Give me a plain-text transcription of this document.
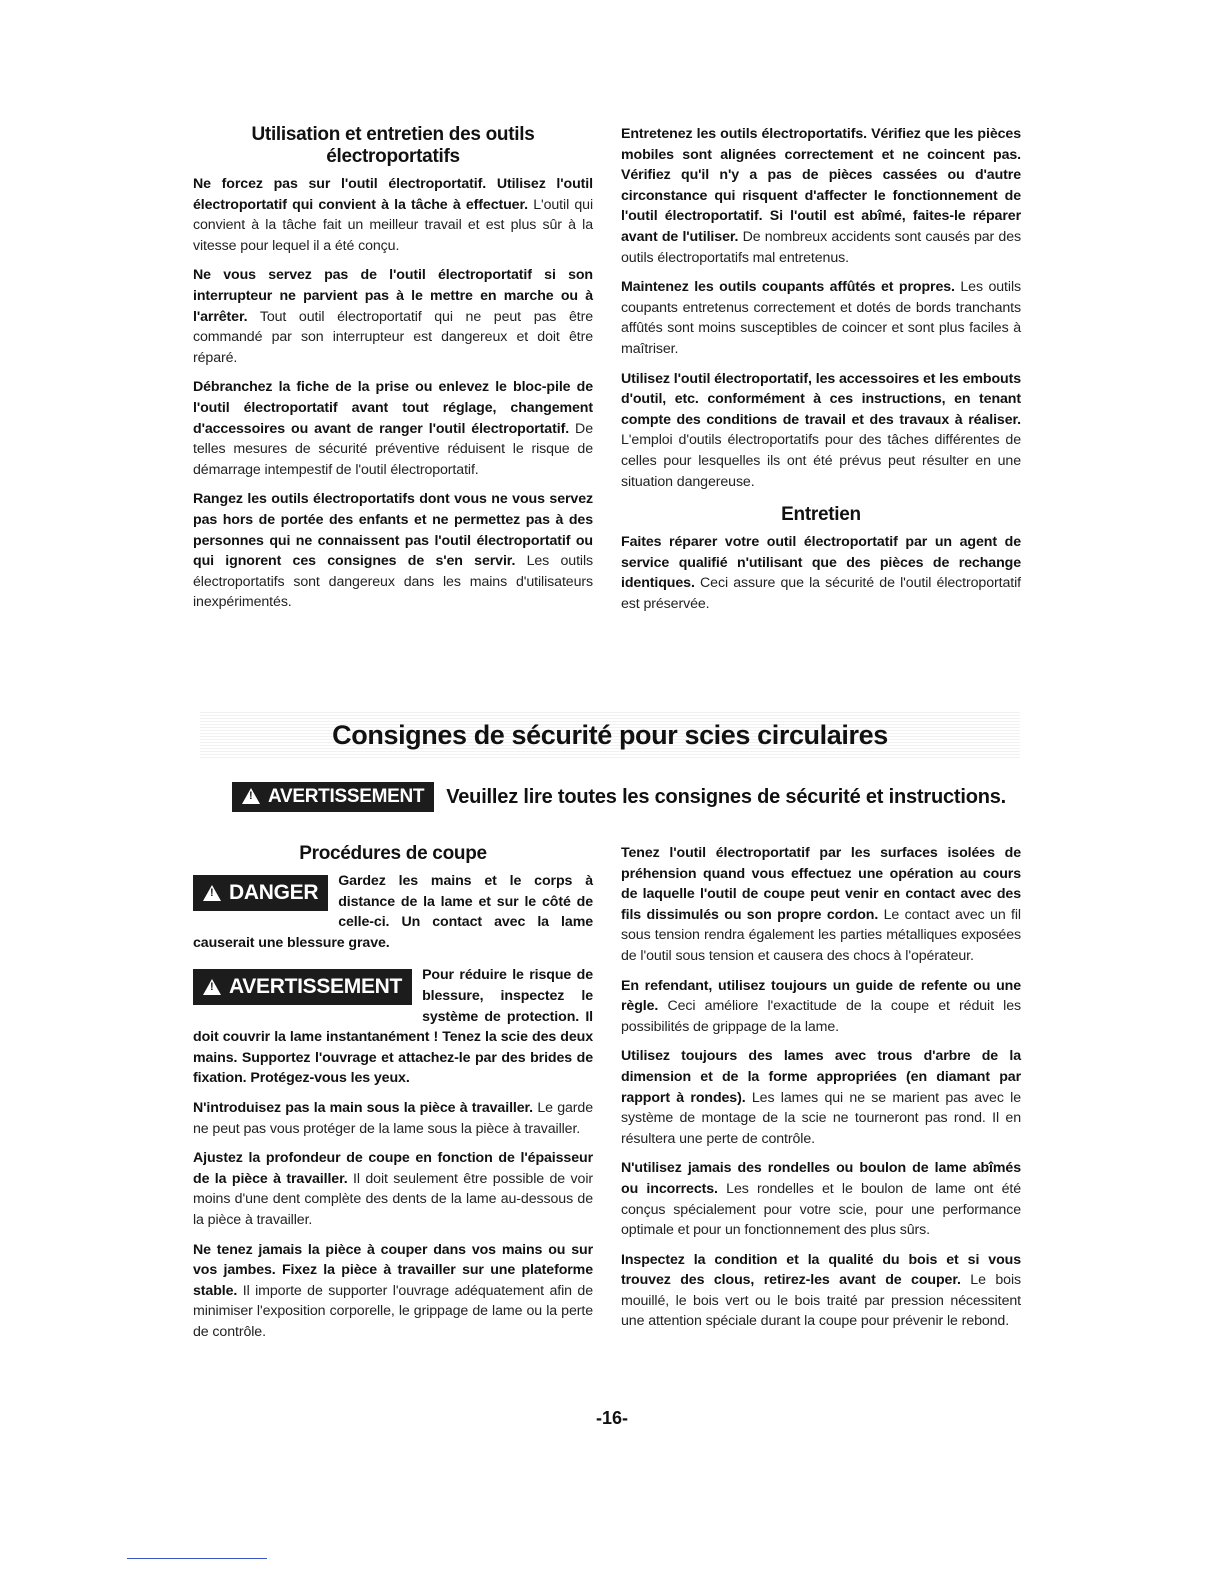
Utilisation et entretien des outils électroportatifs

Ne forcez pas sur l'outil électroportatif. Utilisez l'outil électroportatif qui convient à la tâche à effectuer. L'outil qui convient à la tâche fait un meilleur travail et est plus sûr à la vitesse pour lequel il a été conçu.

Ne vous servez pas de l'outil électroportatif si son interrupteur ne parvient pas à le mettre en marche ou à l'arrêter. Tout outil électroportatif qui ne peut pas être commandé par son interrupteur est dangereux et doit être réparé.

Débranchez la fiche de la prise ou enlevez le bloc-pile de l'outil électroportatif avant tout réglage, changement d'accessoires ou avant de ranger l'outil électroportatif. De telles mesures de sécurité préventive réduisent le risque de démarrage intempestif de l'outil électroportatif.

Rangez les outils électroportatifs dont vous ne vous servez pas hors de portée des enfants et ne permettez pas à des personnes qui ne connaissent pas l'outil électroportatif ou qui ignorent ces consignes de s'en servir. Les outils électroportatifs sont dangereux dans les mains d'utilisateurs inexpérimentés.

Entretenez les outils électroportatifs. Vérifiez que les pièces mobiles sont alignées correctement et ne coincent pas. Vérifiez qu'il n'y a pas de pièces cassées ou d'autre circonstance qui risquent d'affecter le fonctionnement de l'outil électroportatif. Si l'outil est abîmé, faites-le réparer avant de l'utiliser. De nombreux accidents sont causés par des outils électroportatifs mal entretenus.

Maintenez les outils coupants affûtés et propres. Les outils coupants entretenus correctement et dotés de bords tranchants affûtés sont moins susceptibles de coincer et sont plus faciles à maîtriser.

Utilisez l'outil électroportatif, les accessoires et les embouts d'outil, etc. conformément à ces instructions, en tenant compte des conditions de travail et des travaux à réaliser. L'emploi d'outils électroportatifs pour des tâches différentes de celles pour lesquelles ils ont été prévus peut résulter en une situation dangereuse.

Entretien

Faites réparer votre outil électroportatif par un agent de service qualifié n'utilisant que des pièces de rechange identiques. Ceci assure que la sécurité de l'outil électroportatif est préservée.

Consignes de sécurité pour scies circulaires
!AVERTISSEMENT Veuillez lire toutes les consignes de sécurité et instructions.
Procédures de coupe

!DANGER	Gardez les mains et le corps à distance de la lame et sur le côté de celle-ci. Un contact avec la lame causerait une blessure grave.

!AVERTISSEMENT	Pour réduire le risque de blessure, inspectez le système de protection. Il doit couvrir la lame instantanément ! Tenez la scie des deux mains. Supportez l'ouvrage et attachez-le par des brides de fixation. Protégez-vous les yeux.

N'introduisez pas la main sous la pièce à travailler. Le garde ne peut pas vous protéger de la lame sous la pièce à travailler.

Ajustez la profondeur de coupe en fonction de l'épaisseur de la pièce à travailler. Il doit seulement être possible de voir moins d'une dent complète des dents de la lame au-dessous de la pièce à travailler.

Ne tenez jamais la pièce à couper dans vos mains ou sur vos jambes. Fixez la pièce à travailler sur une plateforme stable. Il importe de supporter l'ouvrage adéquatement afin de minimiser l'exposition corporelle, le grippage de lame ou la perte de contrôle.

Tenez l'outil électroportatif par les surfaces isolées de préhension quand vous effectuez une opération au cours de laquelle l'outil de coupe peut venir en contact avec des fils dissimulés ou son propre cordon. Le contact avec un fil sous tension rendra également les parties métalliques exposées de l'outil sous tension et causera des chocs à l'opérateur.

En refendant, utilisez toujours un guide de refente ou une règle. Ceci améliore l'exactitude de la coupe et réduit les possibilités de grippage de la lame.

Utilisez toujours des lames avec trous d'arbre de la dimension et de la forme appropriées (en diamant par rapport à rondes). Les lames qui ne se marient pas avec le système de montage de la scie ne tourneront pas rond. Il en résultera une perte de contrôle.

N'utilisez jamais des rondelles ou boulon de lame abîmés ou incorrects. Les rondelles et le boulon de lame ont été conçus spécialement pour votre scie, pour une performance optimale et pour un fonctionnement des plus sûrs.

Inspectez la condition et la qualité du bois et si vous trouvez des clous, retirez-les avant de couper. Le bois mouillé, le bois vert ou le bois traité par pression nécessitent une attention spéciale durant la coupe pour prévenir le rebond.

-16-
